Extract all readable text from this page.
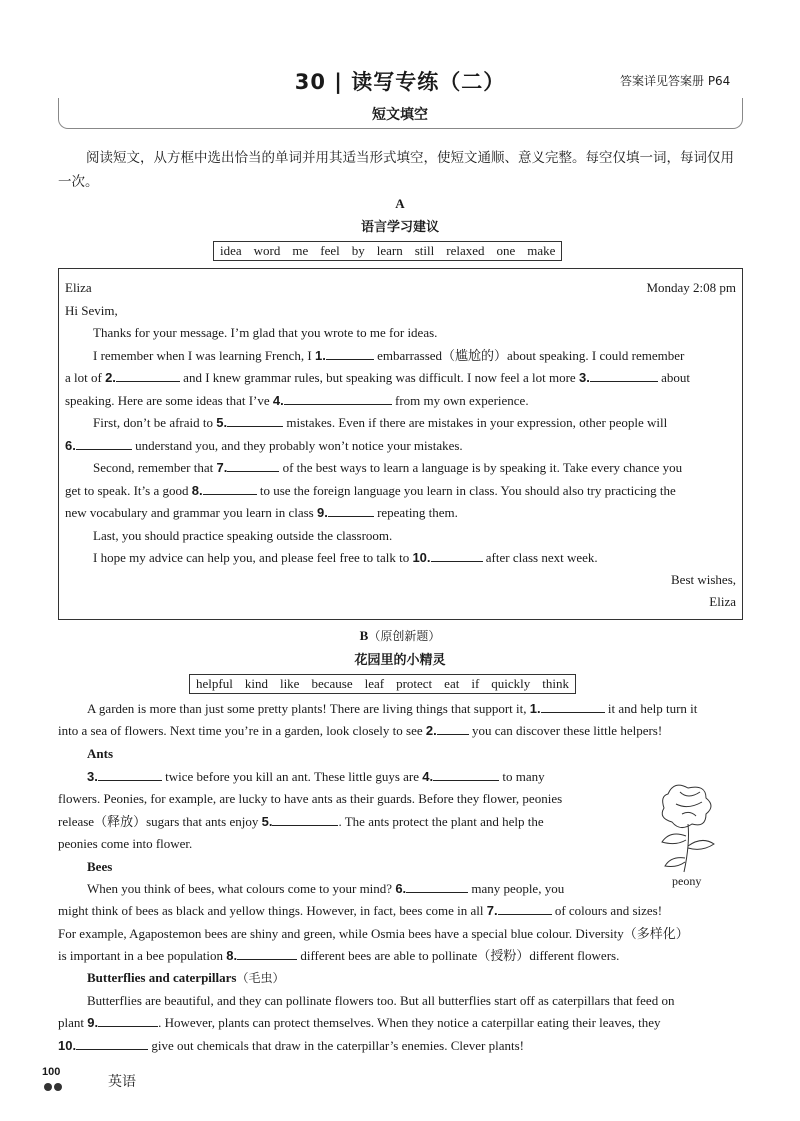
30 | 读写专练（二）	答案详见答案册 P64
短文填空
阅读短文，从方框中选出恰当的单词并用其适当形式填空，使短文通顺、意义完整。每空仅填一词，每词仅用一次。
A
语言学习建议
idea word me feel by learn still relaxed one make
Eliza	Monday 2:08 pm
Hi Sevim,
Thanks for your message. I’m glad that you wrote to me for ideas.
I remember when I was learning French, I 1.	embarrassed（尴尬的）about speaking. I could remember
a lot of 2.	and I knew grammar rules, but speaking was difficult. I now feel a lot more 3.	about
speaking. Here are some ideas that I’ve 4.	from my own experience.
First, don’t be afraid to 5.	mistakes. Even if there are mistakes in your expression, other people will
6.	understand you, and they probably won’t notice your mistakes.
Second, remember that 7.	of the best ways to learn a language is by speaking it. Take every chance you
get to speak. It’s a good 8.	to use the foreign language you learn in class. You should also try practicing the
new vocabulary and grammar you learn in class 9.	repeating them.
Last, you should practice speaking outside the classroom.
I hope my advice can help you, and please feel free to talk to 10.	after class next week.
Best wishes,
Eliza
B（原创新题）
花园里的小精灵
helpful kind like because leaf protect eat if quickly think
A garden is more than just some pretty plants! There are living things that support it, 1.	it and help turn it
into a sea of flowers. Next time you’re in a garden, look closely to see 2.	you can discover these little helpers!
Ants
3.	twice before you kill an ant. These little guys are 4.	to many
flowers. Peonies, for example, are lucky to have ants as their guards. Before they flower, peonies
release（释放）sugars that ants enjoy 5.	. The ants protect the plant and help the
peonies come into flower.
peony
Bees
When you think of bees, what colours come to your mind? 6.	many people, you
might think of bees as black and yellow things. However, in fact, bees come in all 7.	of colours and sizes!
For example, Agapostemon bees are shiny and green, while Osmia bees have a special blue colour. Diversity（多样化）
is important in a bee population 8.	different bees are able to pollinate（授粉）different flowers.
Butterflies and caterpillars（毛虫）
Butterflies are beautiful, and they can pollinate flowers too. But all butterflies start off as caterpillars that feed on
plant 9.	. However, plants can protect themselves. When they notice a caterpillar eating their leaves, they
10.	give out chemicals that draw in the caterpillar’s enemies. Clever plants!
100
英语
